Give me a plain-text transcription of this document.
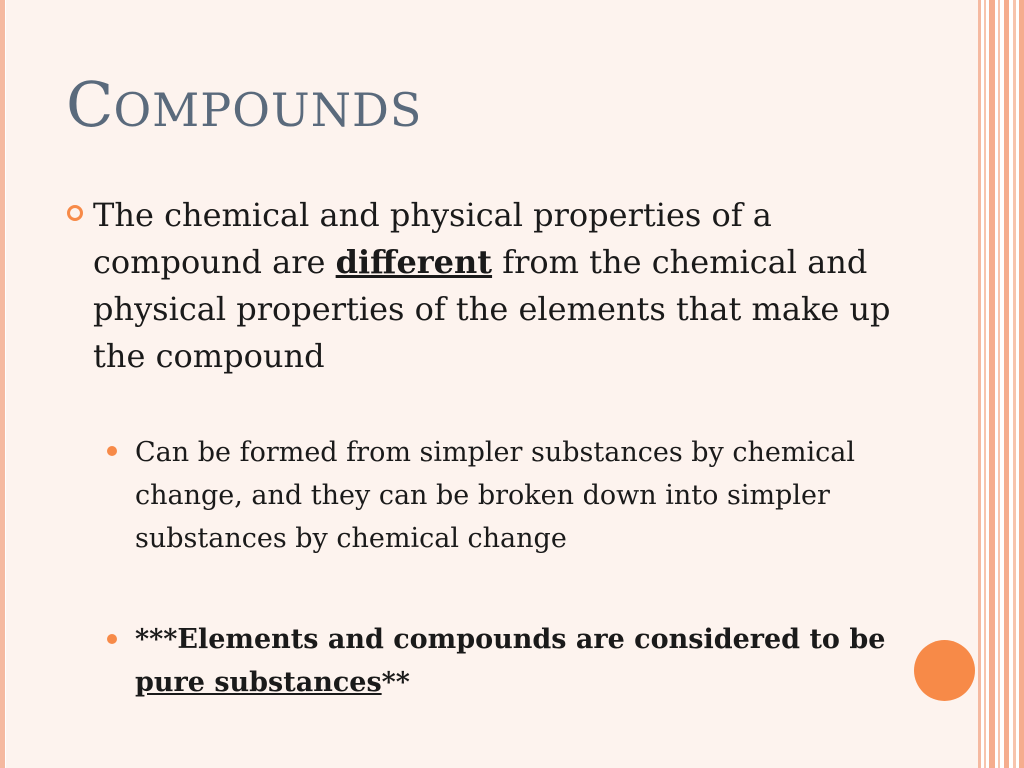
COMPOUNDS

The chemical and physical properties of a compound are different from the chemical and physical properties of the elements that make up the compound

Can be formed from simpler substances by chemical change, and they can be broken down into simpler substances by chemical change

***Elements and compounds are considered to be pure substances**
